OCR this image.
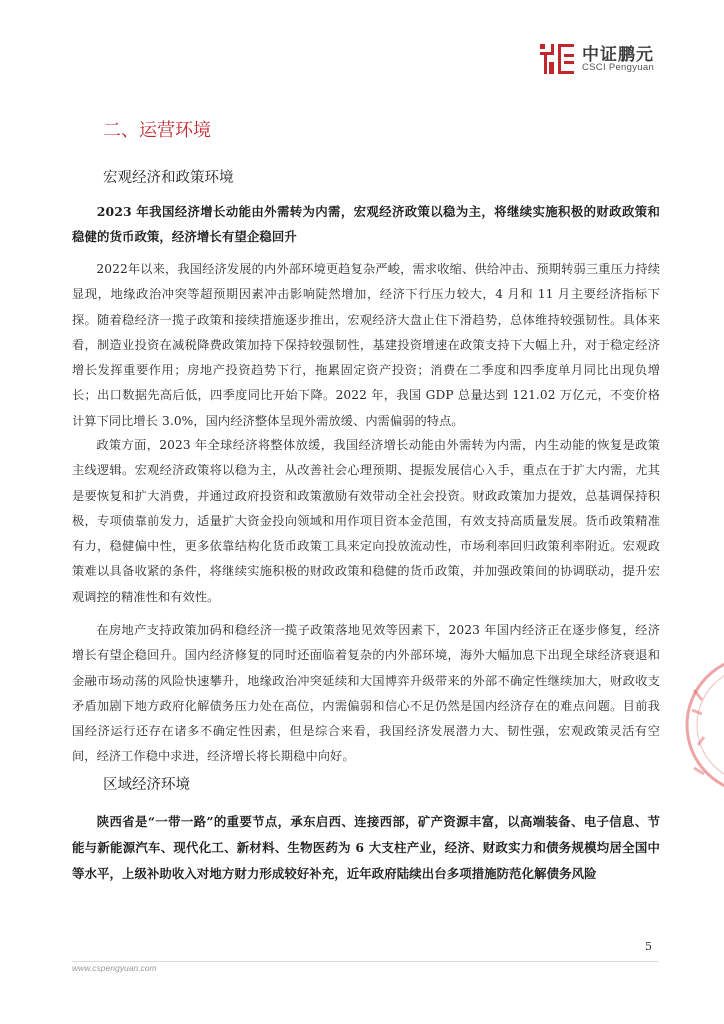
中证鹏元
CSCI Pengyuan
二、运营环境
宏观经济和政策环境

2023 年我国经济增长动能由外需转为内需，宏观经济政策以稳为主，将继续实施积极的财政政策和稳健的货币政策，经济增长有望企稳回升

2022年以来，我国经济发展的内外部环境更趋复杂严峻，需求收缩、供给冲击、预期转弱三重压力持续显现，地缘政治冲突等超预期因素冲击影响陡然增加，经济下行压力较大，4 月和 11 月主要经济指标下探。随着稳经济一揽子政策和接续措施逐步推出，宏观经济大盘止住下滑趋势，总体维持较强韧性。具体来看，制造业投资在减税降费政策加持下保持较强韧性，基建投资增速在政策支持下大幅上升，对于稳定经济增长发挥重要作用；房地产投资趋势下行，拖累固定资产投资；消费在二季度和四季度单月同比出现负增长；出口数据先高后低，四季度同比开始下降。2022 年，我国 GDP 总量达到 121.02 万亿元，不变价格计算下同比增长 3.0%，国内经济整体呈现外需放缓、内需偏弱的特点。

政策方面，2023 年全球经济将整体放缓，我国经济增长动能由外需转为内需，内生动能的恢复是政策主线逻辑。宏观经济政策将以稳为主，从改善社会心理预期、提振发展信心入手，重点在于扩大内需，尤其是要恢复和扩大消费，并通过政府投资和政策激励有效带动全社会投资。财政政策加力提效，总基调保持积极，专项债靠前发力，适量扩大资金投向领域和用作项目资本金范围，有效支持高质量发展。货币政策精准有力，稳健偏中性，更多依靠结构化货币政策工具来定向投放流动性，市场利率回归政策利率附近。宏观政策难以具备收紧的条件，将继续实施积极的财政政策和稳健的货币政策，并加强政策间的协调联动，提升宏观调控的精准性和有效性。

在房地产支持政策加码和稳经济一揽子政策落地见效等因素下，2023 年国内经济正在逐步修复，经济增长有望企稳回升。国内经济修复的同时还面临着复杂的内外部环境，海外大幅加息下出现全球经济衰退和金融市场动荡的风险快速攀升，地缘政治冲突延续和大国博弈升级带来的外部不确定性继续加大，财政收支矛盾加剧下地方政府化解债务压力处在高位，内需偏弱和信心不足仍然是国内经济存在的难点问题。目前我国经济运行还存在诸多不确定性因素，但是综合来看，我国经济发展潜力大、韧性强，宏观政策灵活有空间，经济工作稳中求进，经济增长将长期稳中向好。

区域经济环境

陕西省是“一带一路”的重要节点，承东启西、连接西部，矿产资源丰富，以高端装备、电子信息、节能与新能源汽车、现代化工、新材料、生物医药为 6 大支柱产业，经济、财政实力和债务规模均居全国中等水平，上级补助收入对地方财力形成较好补充，近年政府陆续出台多项措施防范化解债务风险

5
www.cspengyuan.com
